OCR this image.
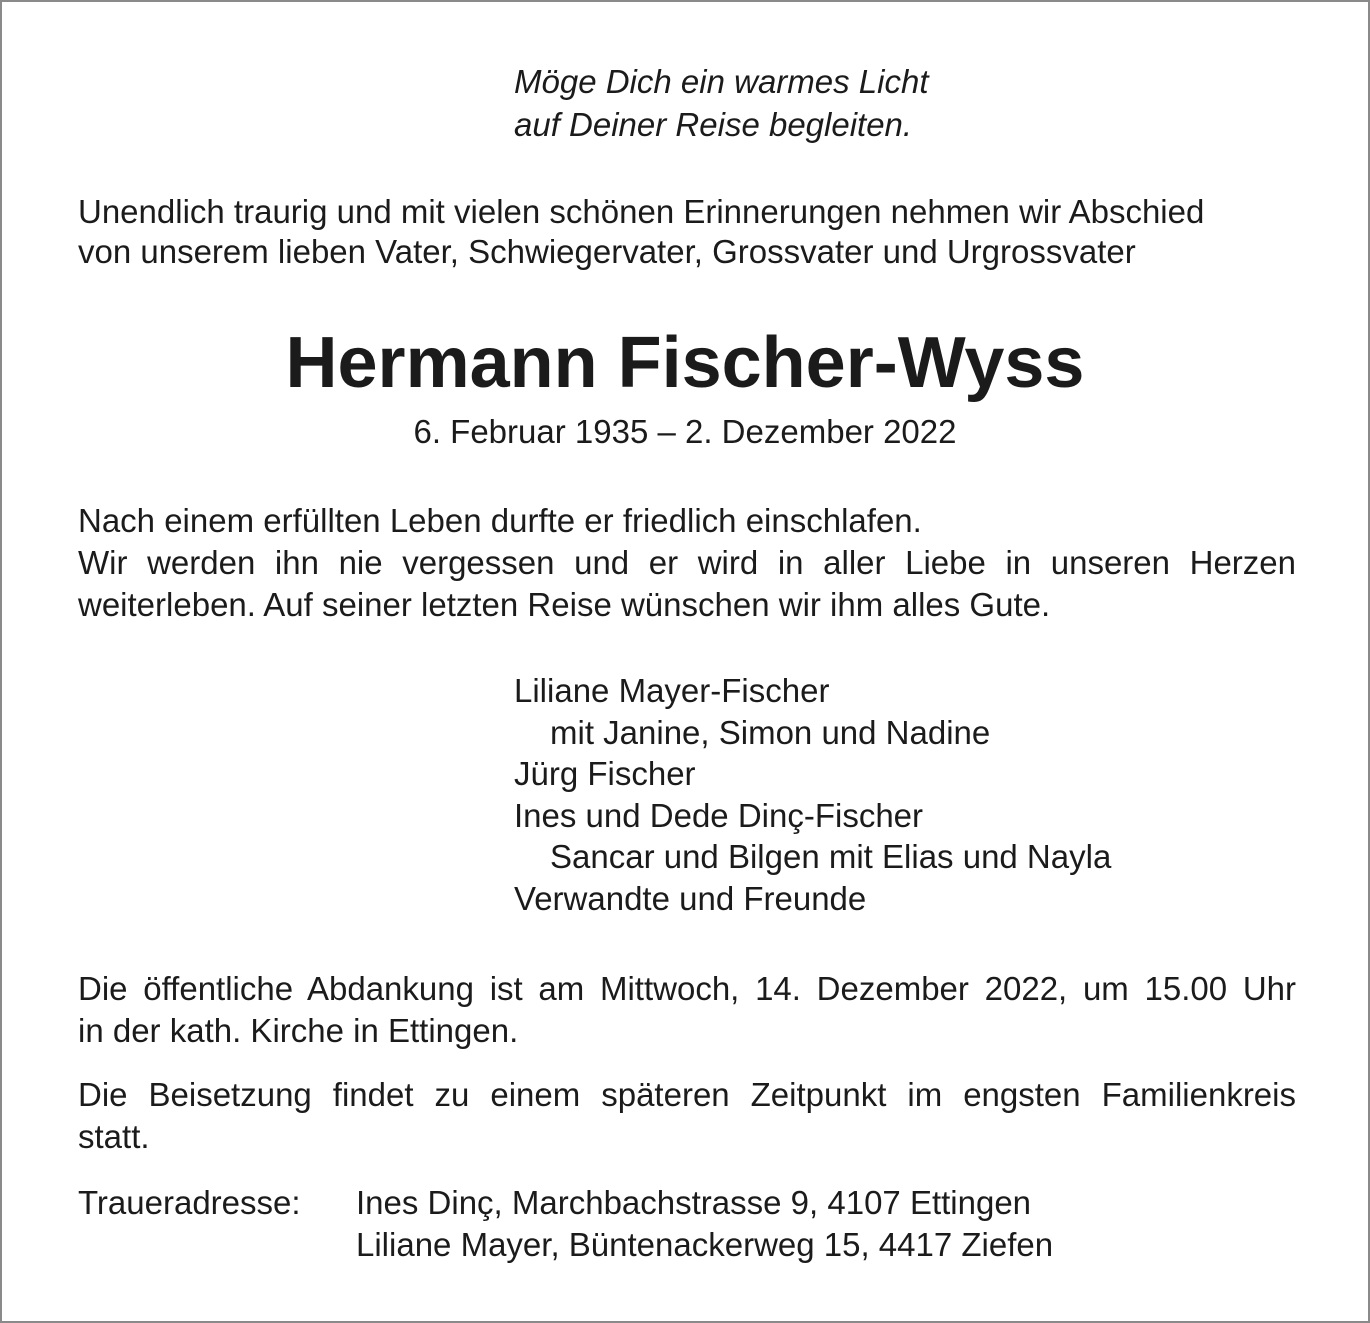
Möge Dich ein warmes Licht
auf Deiner Reise begleiten.
Unendlich traurig und mit vielen schönen Erinnerungen nehmen wir Abschied
von unserem lieben Vater, Schwiegervater, Grossvater und Urgrossvater
Hermann Fischer-Wyss
6. Februar 1935 – 2. Dezember 2022
Nach einem erfüllten Leben durfte er friedlich einschlafen.
Wir werden ihn nie vergessen und er wird in aller Liebe in unseren Herzen
weiterleben. Auf seiner letzten Reise wünschen wir ihm alles Gute.
Liliane Mayer-Fischer
mit Janine, Simon und Nadine
Jürg Fischer
Ines und Dede Dinç-Fischer
Sancar und Bilgen mit Elias und Nayla
Verwandte und Freunde
Die öffentliche Abdankung ist am Mittwoch, 14. Dezember 2022, um 15.00 Uhr
in der kath. Kirche in Ettingen.
Die Beisetzung findet zu einem späteren Zeitpunkt im engsten Familienkreis
statt.
Traueradresse: Ines Dinç, Marchbachstrasse 9, 4107 Ettingen
Liliane Mayer, Büntenackerweg 15, 4417 Ziefen
